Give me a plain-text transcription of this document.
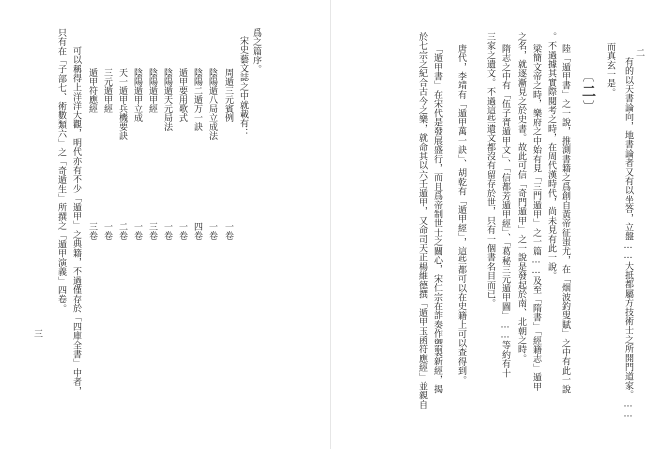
爲之篇序。
宋史藝文誌之中就載有：
周遁三元賓例
一卷
陰陽遁八局立成法
一卷
陰陽二遁万一訣
四卷
遁甲要用歌式
一卷
陰陽遁天元局法
一卷
陰陽遁甲經
三卷
陰陽遁甲立成
一卷
天一遁甲兵機要訣
二卷
三元遁甲經
一卷
遁甲符應經
三卷
可以稱得上洋洋大觀，明代亦有不少「遁甲」之典籍，不過僅存於「四庫全書」中者，
只有在「子部七、術數類六」之「奇遁生」所撰之「遁甲演義」四卷。
三
二
有的以天書論向，地書論者又有以坐答，立盤……大抵都屬方技術士之所開門道家。……
而真玄一是。
〔二〕
陸「遁甲書」之一說，推測書籍之爲創自黃帝征蚩尤，在「烟波釣叟賦」之中有此一說
。不過據其實際閱考之時，在周代漢時代，尚未見有此一說。
梁簡文帝之時，樂府之中始有見「三門遁甲」之一篇……及至「隋書」「經籍志」遁甲
之名，就逐漸見之於史書。故此可信「奇門遁甲」之一說是發起於南、北朝之時。
隋志之中有「伍子胥遁甲文」、「信都芳遁甲經」、「葛秘三元遁甲圖」……等約有十
三家之遺文。不過這些遺文都沒有留存於世，只有一個書名目而已。
唐代，李靖有「遁甲萬一訣」、胡乾有「遁甲經」，這些都可以在史籍上可以查得到。
「遁甲書」在宋代是發展盛行，而且爲帝制世士之關心，宋仁宗在詐奏作禦製新經，揭
於七宗之紀合古今之樂，就命其以六壬遁甲，又命司天正楊維德撰「遁甲玉函符應經」並親自
